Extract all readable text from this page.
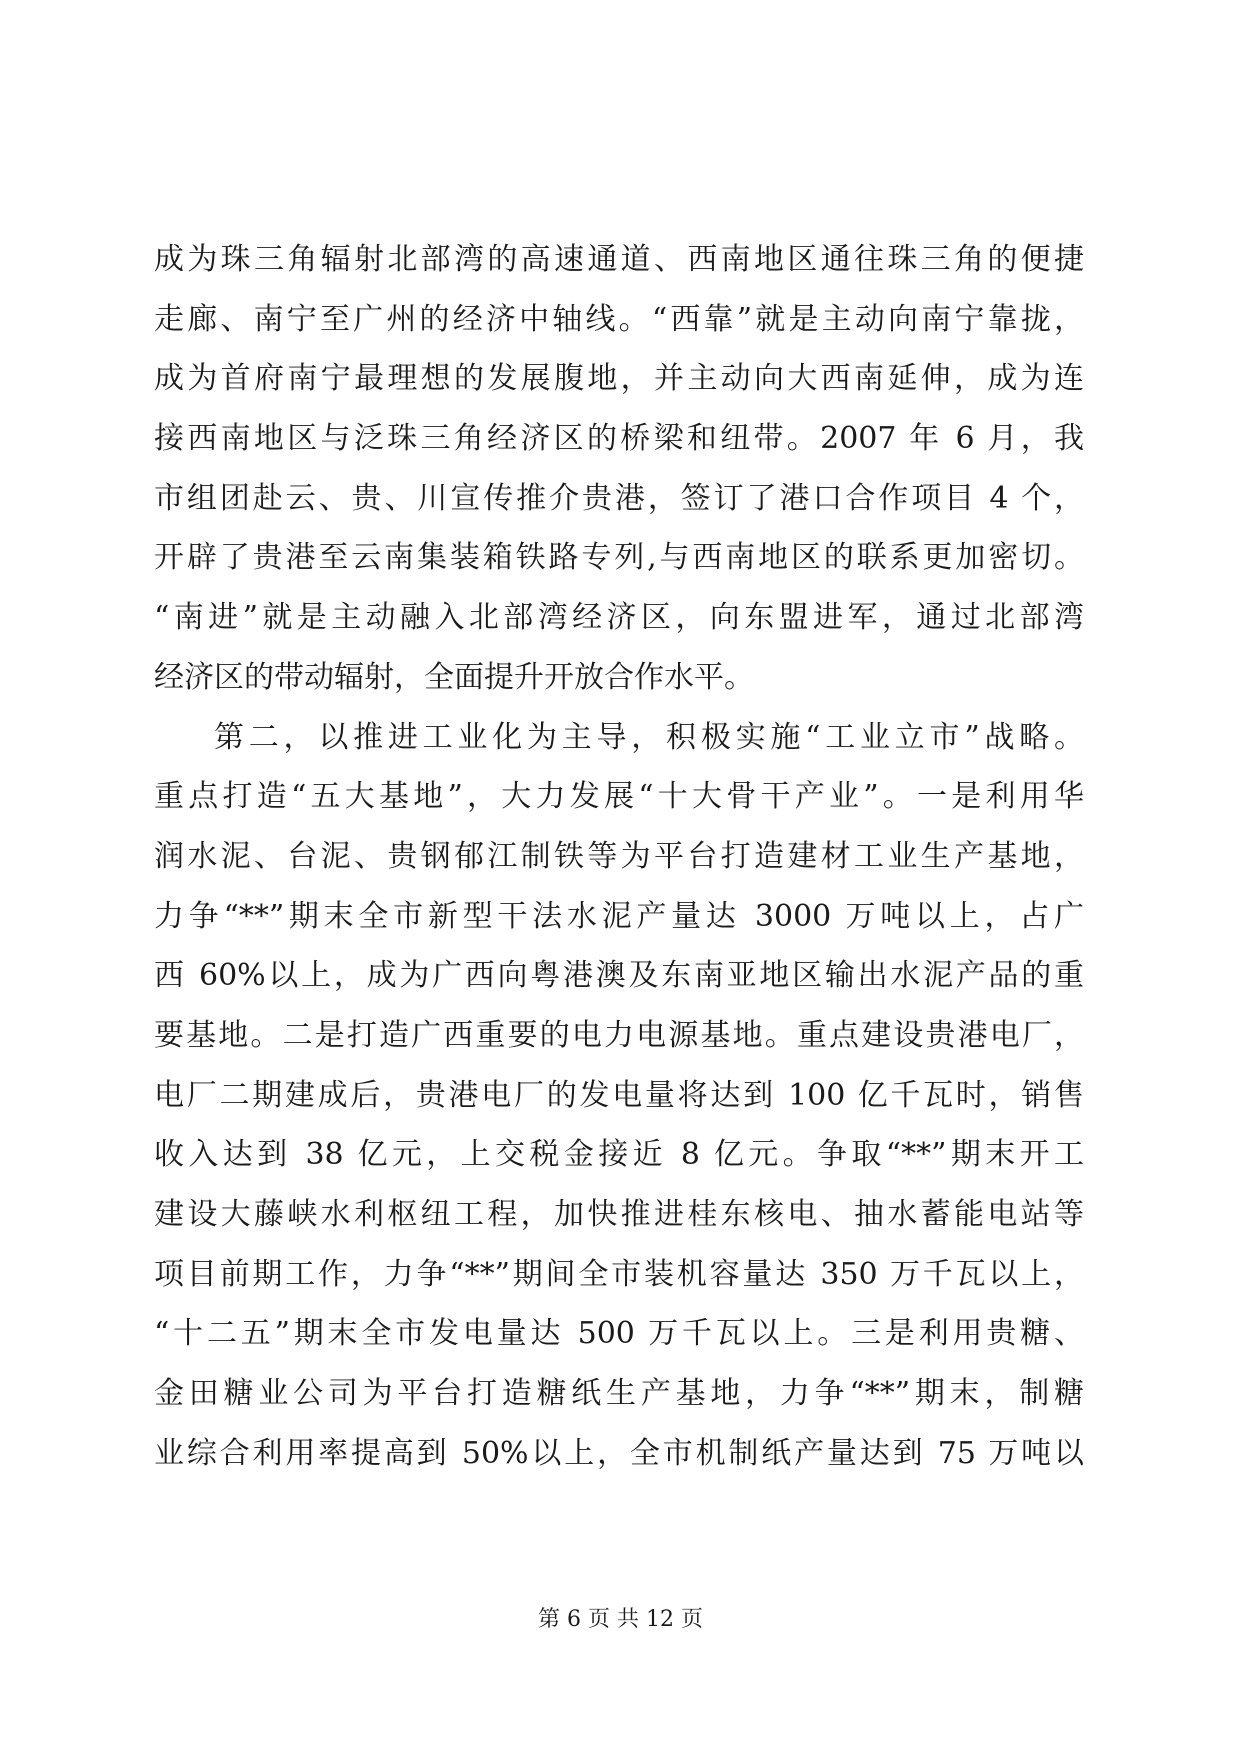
成为珠三角辐射北部湾的高速通道、西南地区通往珠三角的便捷
走廊、南宁至广州的经济中轴线。“西靠”就是主动向南宁靠拢，
成为首府南宁最理想的发展腹地，并主动向大西南延伸，成为连
接西南地区与泛珠三角经济区的桥梁和纽带。2007 年 6 月，我
市组团赴云、贵、川宣传推介贵港，签订了港口合作项目 4 个，
开辟了贵港至云南集装箱铁路专列,与西南地区的联系更加密切。
“南进”就是主动融入北部湾经济区，向东盟进军，通过北部湾
经济区的带动辐射，全面提升开放合作水平。
第二，以推进工业化为主导，积极实施“工业立市”战略。
重点打造“五大基地”，大力发展“十大骨干产业”。一是利用华
润水泥、台泥、贵钢郁江制铁等为平台打造建材工业生产基地，
力争“**”期末全市新型干法水泥产量达 3000 万吨以上，占广
西 60%以上，成为广西向粤港澳及东南亚地区输出水泥产品的重
要基地。二是打造广西重要的电力电源基地。重点建设贵港电厂，
电厂二期建成后，贵港电厂的发电量将达到 100 亿千瓦时，销售
收入达到 38 亿元，上交税金接近 8 亿元。争取“**”期末开工
建设大藤峡水利枢纽工程，加快推进桂东核电、抽水蓄能电站等
项目前期工作，力争“**”期间全市装机容量达 350 万千瓦以上，
“十二五”期末全市发电量达 500 万千瓦以上。三是利用贵糖、
金田糖业公司为平台打造糖纸生产基地，力争“**”期末，制糖
业综合利用率提高到 50%以上，全市机制纸产量达到 75 万吨以
第 6 页 共 12 页
